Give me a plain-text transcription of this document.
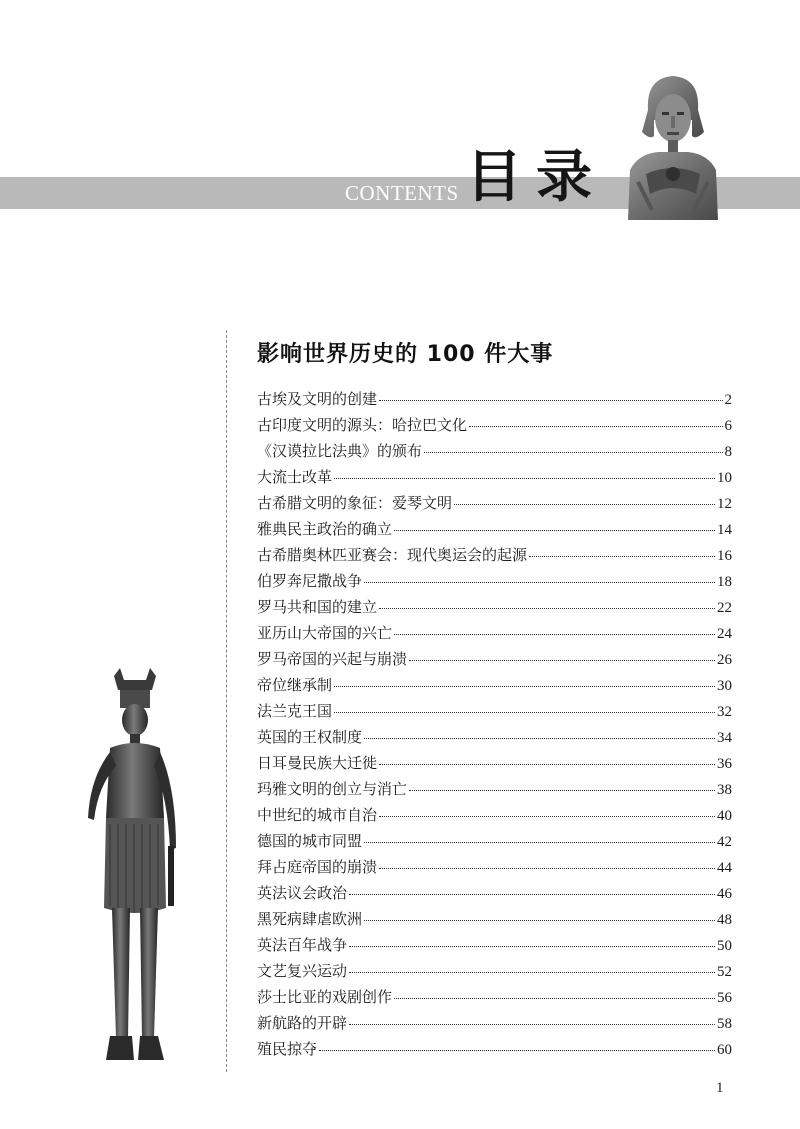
CONTENTS 目录
影响世界历史的 100 件大事
古埃及文明的创建	2
古印度文明的源头：哈拉巴文化	6
《汉谟拉比法典》的颁布	8
大流士改革	10
古希腊文明的象征：爱琴文明	12
雅典民主政治的确立	14
古希腊奥林匹亚赛会：现代奥运会的起源	16
伯罗奔尼撒战争	18
罗马共和国的建立	22
亚历山大帝国的兴亡	24
罗马帝国的兴起与崩溃	26
帝位继承制	30
法兰克王国	32
英国的王权制度	34
日耳曼民族大迁徙	36
玛雅文明的创立与消亡	38
中世纪的城市自治	40
德国的城市同盟	42
拜占庭帝国的崩溃	44
英法议会政治	46
黑死病肆虐欧洲	48
英法百年战争	50
文艺复兴运动	52
莎士比亚的戏剧创作	56
新航路的开辟	58
殖民掠夺	60
1
